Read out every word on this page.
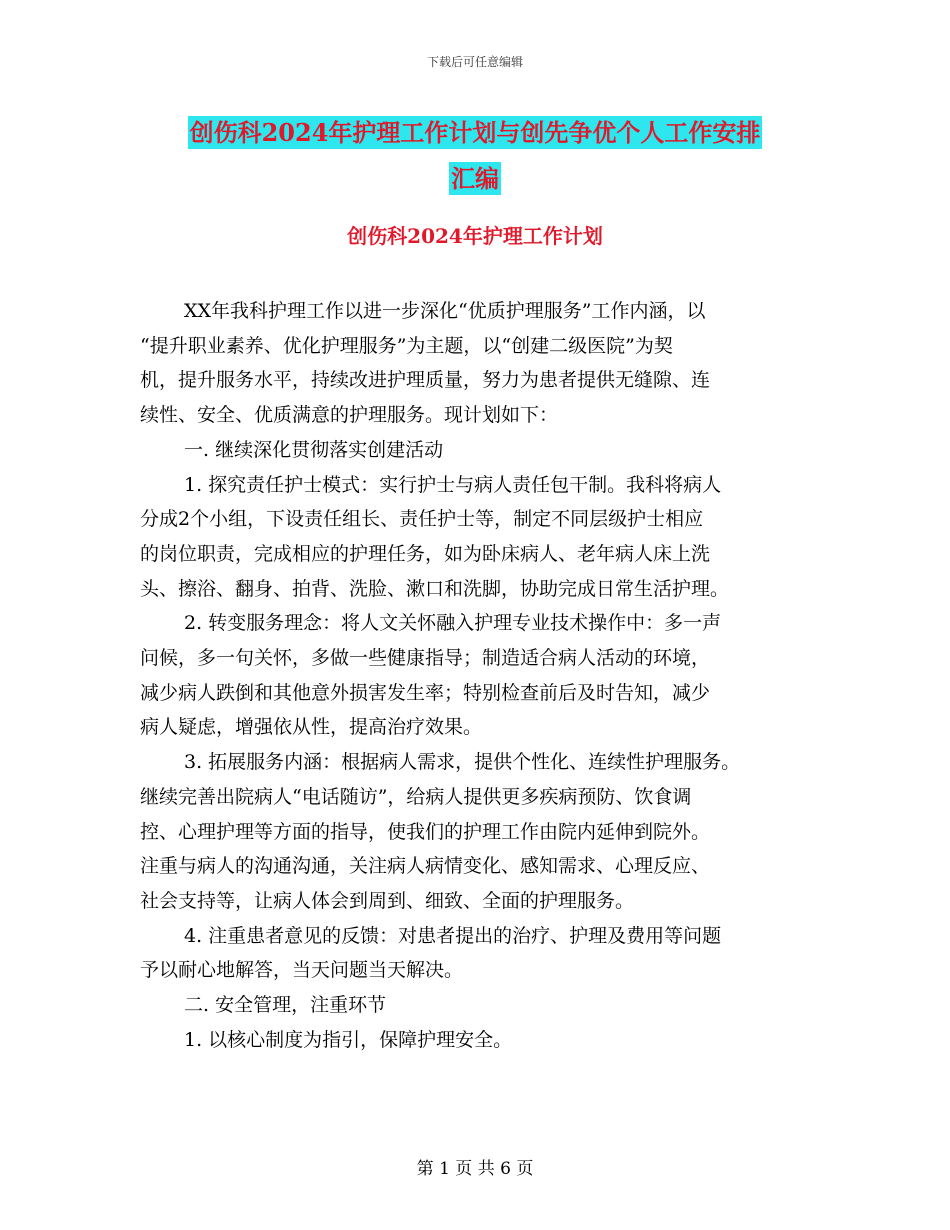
下载后可任意编辑
创伤科2024年护理工作计划与创先争优个人工作安排
汇编
创伤科2024年护理工作计划
XX年我科护理工作以进一步深化“优质护理服务”工作内涵，以
“提升职业素养、优化护理服务”为主题，以“创建二级医院”为契
机，提升服务水平，持续改进护理质量，努力为患者提供无缝隙、连
续性、安全、优质满意的护理服务。现计划如下：
一. 继续深化贯彻落实创建活动
1. 探究责任护士模式：实行护士与病人责任包干制。我科将病人
分成2个小组，下设责任组长、责任护士等，制定不同层级护士相应
的岗位职责，完成相应的护理任务，如为卧床病人、老年病人床上洗
头、擦浴、翻身、拍背、洗脸、漱口和洗脚，协助完成日常生活护理。
2. 转变服务理念：将人文关怀融入护理专业技术操作中：多一声
问候，多一句关怀，多做一些健康指导；制造适合病人活动的环境，
减少病人跌倒和其他意外损害发生率；特别检查前后及时告知，减少
病人疑虑，增强依从性，提高治疗效果。
3. 拓展服务内涵：根据病人需求，提供个性化、连续性护理服务。
继续完善出院病人“电话随访”，给病人提供更多疾病预防、饮食调
控、心理护理等方面的指导，使我们的护理工作由院内延伸到院外。
注重与病人的沟通沟通，关注病人病情变化、感知需求、心理反应、
社会支持等，让病人体会到周到、细致、全面的护理服务。
4. 注重患者意见的反馈：对患者提出的治疗、护理及费用等问题
予以耐心地解答，当天问题当天解决。
二. 安全管理，注重环节
1. 以核心制度为指引，保障护理安全。
第 1 页 共 6 页
